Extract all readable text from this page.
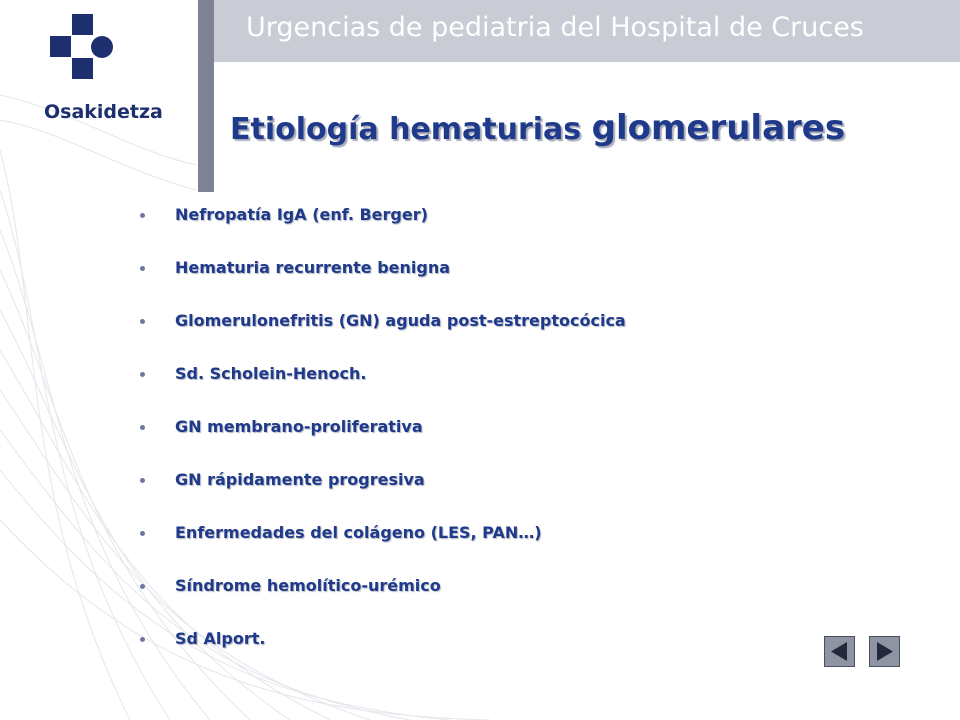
Urgencias de pediatria del Hospital de Cruces
Osakidetza Etiología hematurias glomerulares
Nefropatía IgA (enf. Berger)
Hematuria recurrente benigna
Glomerulonefritis (GN) aguda post-estreptocócica
Sd. Scholein-Henoch.
GN membrano-proliferativa
GN rápidamente progresiva
Enfermedades del colágeno (LES, PAN…)
Síndrome hemolítico-urémico
Sd Alport.
